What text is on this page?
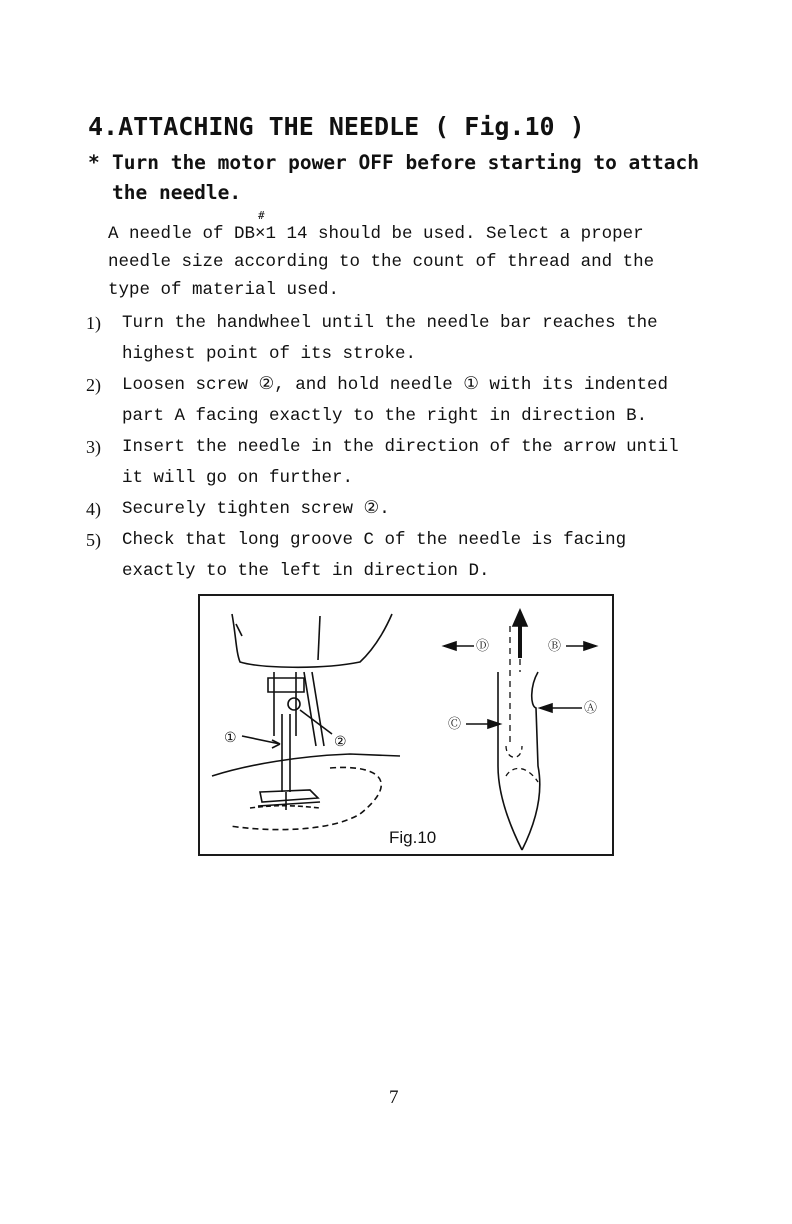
4.ATTACHING THE NEEDLE ( Fig.10 )

* Turn the motor power OFF before starting to attach
the needle.

#

A needle of DB×1 14 should be used. Select a proper needle size according to the count of thread and the type of material used.

1) Turn the handwheel until the needle bar reaches the highest point of its stroke.
2) Loosen screw ②, and hold needle ① with its indented part A facing exactly to the right in direction B.
3) Insert the needle in the direction of the arrow until it will go on further.
4) Securely tighten screw ②.
5) Check that long groove C of the needle is facing exactly to the left in direction D.
①	②
Ⓓ	Ⓑ
Ⓐ
Ⓒ
Fig.10
7
